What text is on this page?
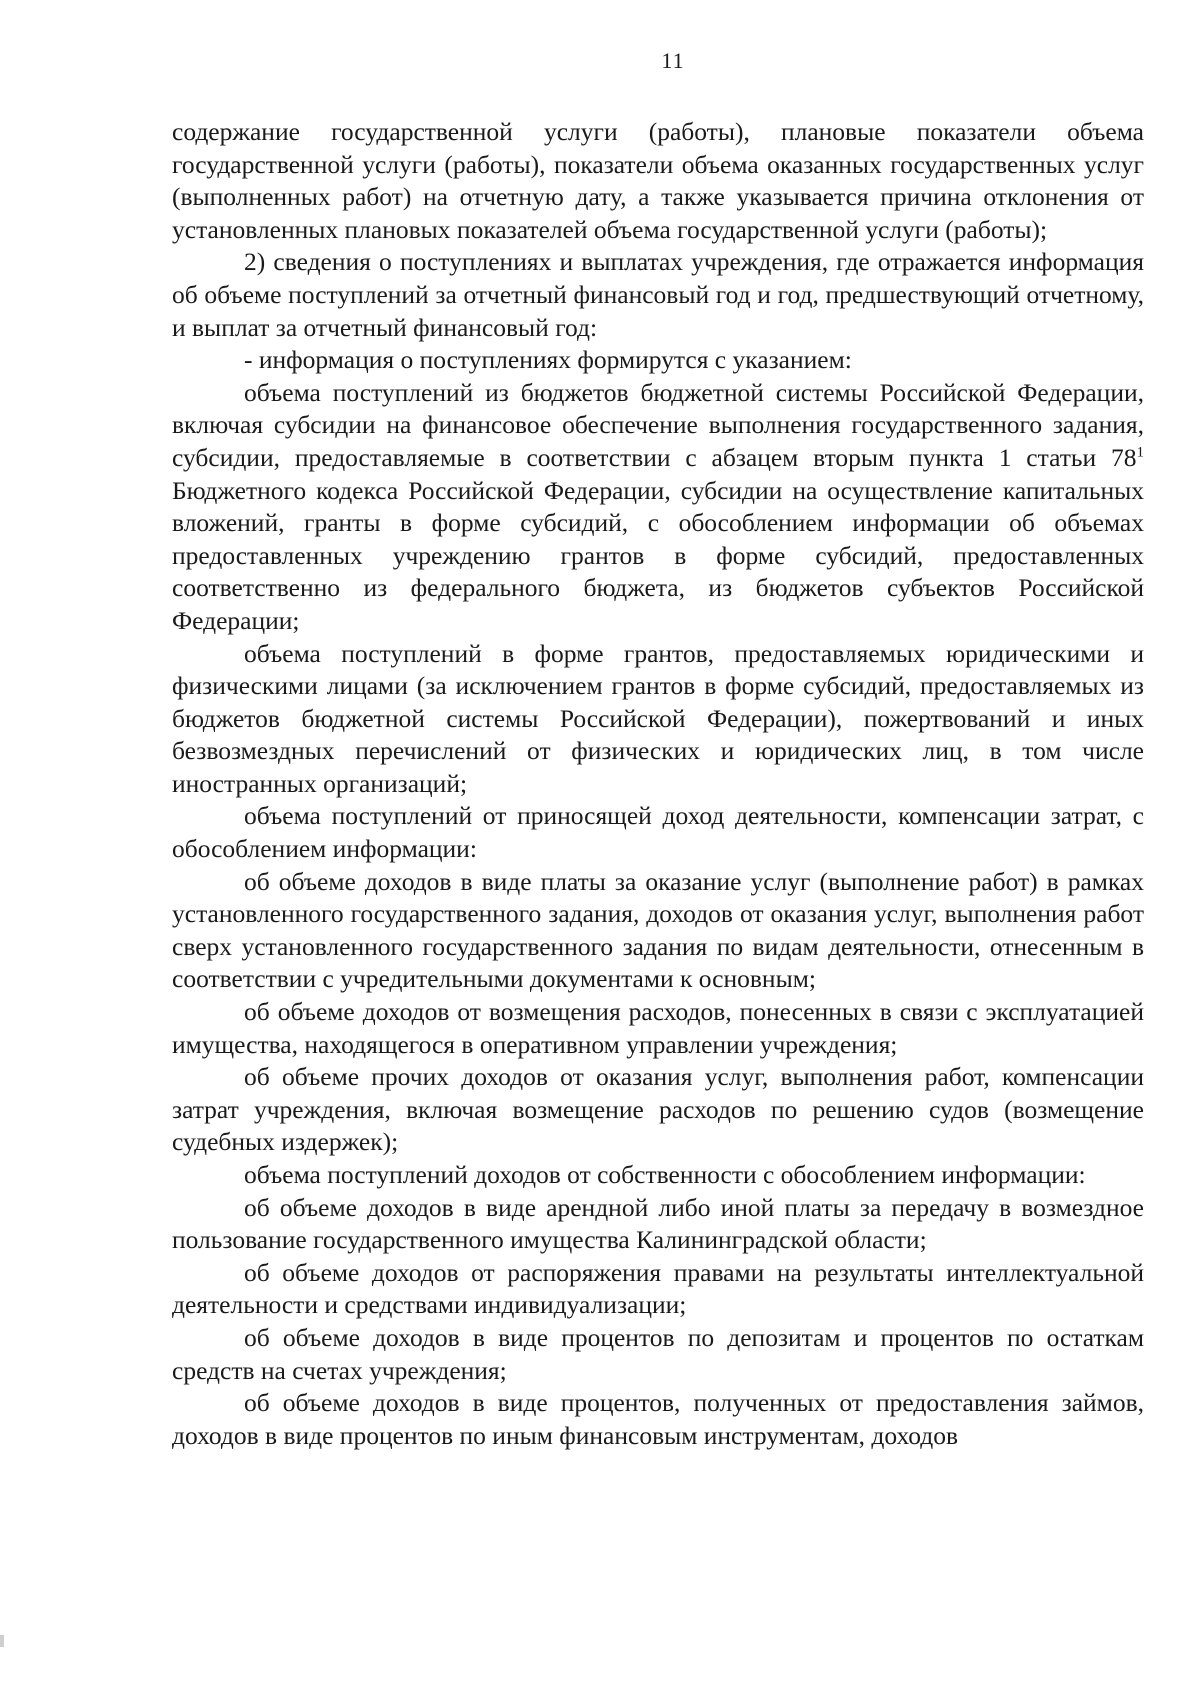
11

содержание государственной услуги (работы), плановые показатели объема государственной услуги (работы), показатели объема оказанных государственных услуг (выполненных работ) на отчетную дату, а также указывается причина отклонения от установленных плановых показателей объема государственной услуги (работы);

2) сведения о поступлениях и выплатах учреждения, где отражается информация об объеме поступлений за отчетный финансовый год и год, предшествующий отчетному, и выплат за отчетный финансовый год:

- информация о поступлениях формирутся с указанием:

объема поступлений из бюджетов бюджетной системы Российской Федерации, включая субсидии на финансовое обеспечение выполнения государственного задания, субсидии, предоставляемые в соответствии с абзацем вторым пункта 1 статьи $78^1$ Бюджетного кодекса Российской Федерации, субсидии на осуществление капитальных вложений, гранты в форме субсидий, с обособлением информации об объемах предоставленных учреждению грантов в форме субсидий, предоставленных соответственно из федерального бюджета, из бюджетов субъектов Российской Федерации;

объема поступлений в форме грантов, предоставляемых юридическими и физическими лицами (за исключением грантов в форме субсидий, предоставляемых из бюджетов бюджетной системы Российской Федерации), пожертвований и иных безвозмездных перечислений от физических и юридических лиц, в том числе иностранных организаций;

объема поступлений от приносящей доход деятельности, компенсации затрат, с обособлением информации:

об объеме доходов в виде платы за оказание услуг (выполнение работ) в рамках установленного государственного задания, доходов от оказания услуг, выполнения работ сверх установленного государственного задания по видам деятельности, отнесенным в соответствии с учредительными документами к основным;

об объеме доходов от возмещения расходов, понесенных в связи с эксплуатацией имущества, находящегося в оперативном управлении учреждения;

об объеме прочих доходов от оказания услуг, выполнения работ, компенсации затрат учреждения, включая возмещение расходов по решению судов (возмещение судебных издержек);

объема поступлений доходов от собственности с обособлением информации:

об объеме доходов в виде арендной либо иной платы за передачу в возмездное пользование государственного имущества Калининградской области;

об объеме доходов от распоряжения правами на результаты интеллектуальной деятельности и средствами индивидуализации;

об объеме доходов в виде процентов по депозитам и процентов по остаткам средств на счетах учреждения;

об объеме доходов в виде процентов, полученных от предоставления займов, доходов в виде процентов по иным финансовым инструментам, доходов
